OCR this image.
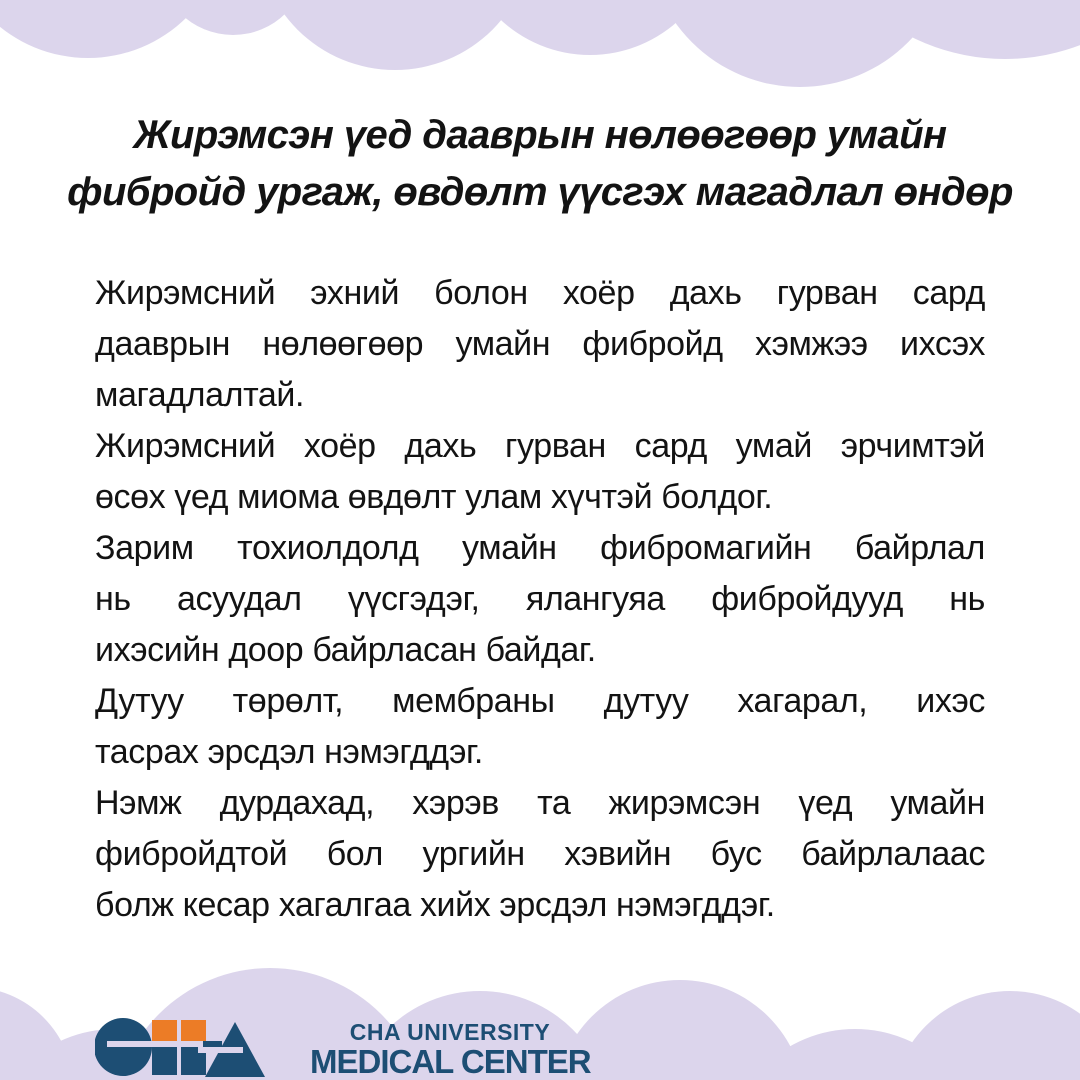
Жирэмсэн үед дааврын нөлөөгөөр умайн
фибройд ургаж, өвдөлт үүсгэх магадлал өндөр

Жирэмсний эхний болон хоёр дахь гурван сард
дааврын нөлөөгөөр умайн фибройд хэмжээ ихсэх
магадлалтай.

Жирэмсний хоёр дахь гурван сард умай эрчимтэй
өсөх үед миома өвдөлт улам хүчтэй болдог.

Зарим тохиолдолд умайн фибромагийн байрлал
нь асуудал үүсгэдэг, ялангуяа фибройдууд нь
ихэсийн доор байрласан байдаг.

Дутуу төрөлт, мембраны дутуу хагарал, ихэс
тасрах эрсдэл нэмэгддэг.

Нэмж дурдахад, хэрэв та жирэмсэн үед умайн
фибройдтой бол ургийн хэвийн бус байрлалаас
болж кесар хагалгаа хийх эрсдэл нэмэгддэг.

CHA UNIVERSITY
MEDICAL CENTER
